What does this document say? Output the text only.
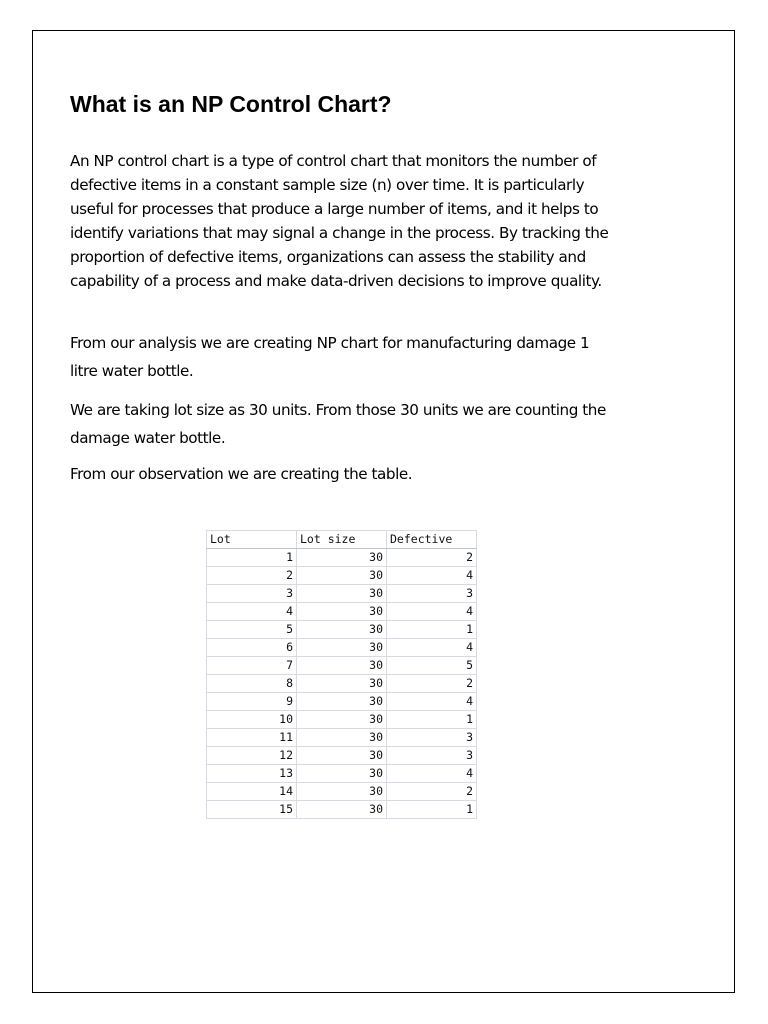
What is an NP Control Chart?

An NP control chart is a type of control chart that monitors the number of
defective items in a constant sample size (n) over time. It is particularly
useful for processes that produce a large number of items, and it helps to
identify variations that may signal a change in the process. By tracking the
proportion of defective items, organizations can assess the stability and
capability of a process and make data-driven decisions to improve quality.

From our analysis we are creating NP chart for manufacturing damage 1
litre water bottle.

We are taking lot size as 30 units. From those 30 units we are counting the
damage water bottle.

From our observation we are creating the table.

Lot	Lot size	Defective
1	30	2
2	30	4
3	30	3
4	30	4
5	30	1
6	30	4
7	30	5
8	30	2
9	30	4
10	30	1
11	30	3
12	30	3
13	30	4
14	30	2
15	30	1
